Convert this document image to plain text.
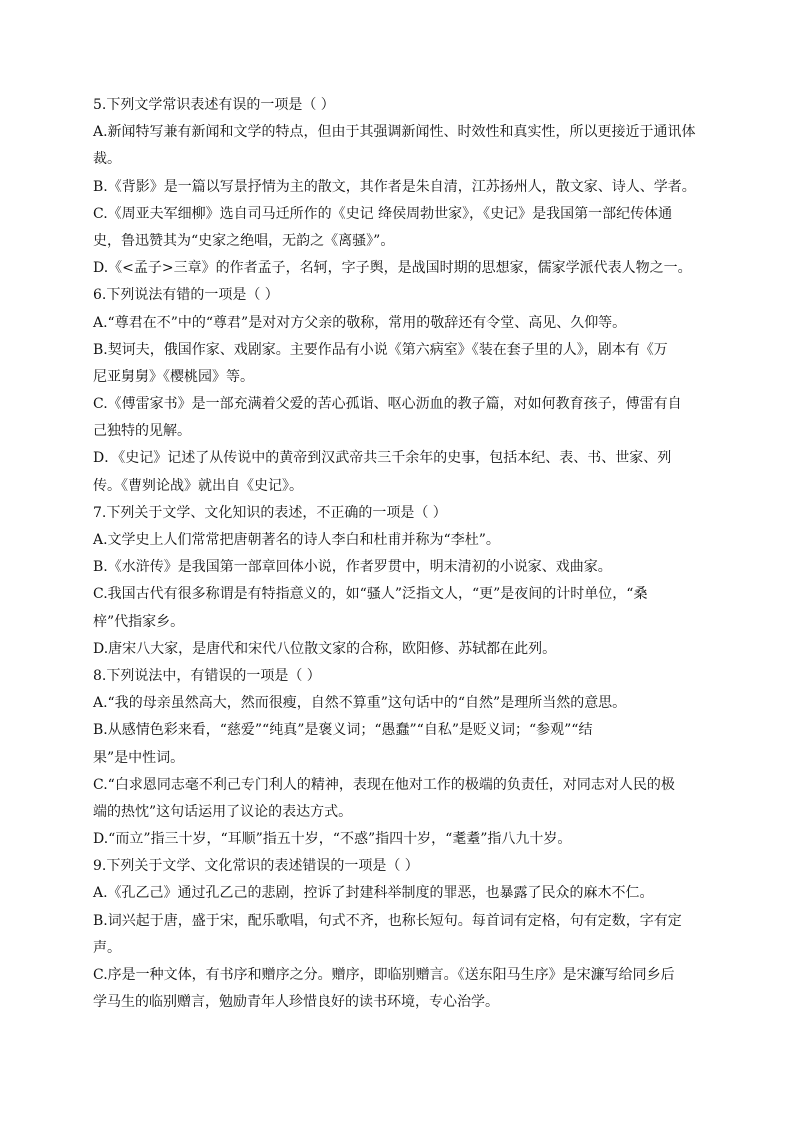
5.下列文学常识表述有误的一项是（ ）
A.新闻特写兼有新闻和文学的特点，但由于其强调新闻性、时效性和真实性，所以更接近于通讯体
裁。
B.《背影》是一篇以写景抒情为主的散文，其作者是朱自清，江苏扬州人，散文家、诗人、学者。
C.《周亚夫军细柳》选自司马迁所作的《史记 绛侯周勃世家》，《史记》是我国第一部纪传体通
史，鲁迅赞其为“史家之绝唱，无韵之《离骚》”。
D.《<孟子>三章》的作者孟子，名轲，字子舆，是战国时期的思想家，儒家学派代表人物之一。
6.下列说法有错的一项是（ ）
A.“尊君在不”中的“尊君”是对对方父亲的敬称，常用的敬辞还有令堂、高见、久仰等。
B.契诃夫，俄国作家、戏剧家。主要作品有小说《第六病室》《装在套子里的人》，剧本有《万
尼亚舅舅》《樱桃园》等。
C.《傅雷家书》是一部充满着父爱的苦心孤诣、呕心沥血的教子篇，对如何教育孩子，傅雷有自
己独特的见解。
D．《史记》记述了从传说中的黄帝到汉武帝共三千余年的史事，包括本纪、表、书、世家、列
传。《曹刿论战》就出自《史记》。
7.下列关于文学、文化知识的表述，不正确的一项是（ ）
A.文学史上人们常常把唐朝著名的诗人李白和杜甫并称为“李杜”。
B.《水浒传》是我国第一部章回体小说，作者罗贯中，明末清初的小说家、戏曲家。
C.我国古代有很多称谓是有特指意义的，如“骚人”泛指文人，“更”是夜间的计时单位，“桑
梓”代指家乡。
D.唐宋八大家，是唐代和宋代八位散文家的合称，欧阳修、苏轼都在此列。
8.下列说法中，有错误的一项是（ ）
A.“我的母亲虽然高大，然而很瘦，自然不算重”这句话中的“自然”是理所当然的意思。
B.从感情色彩来看，“慈爱”“纯真”是褒义词；“愚蠢”“自私”是贬义词；“参观”“结
果”是中性词。
C.“白求恩同志毫不利己专门利人的精神，表现在他对工作的极端的负责任，对同志对人民的极
端的热忱”这句话运用了议论的表达方式。
D.“而立”指三十岁，“耳顺”指五十岁，“不惑”指四十岁，“耄耋”指八九十岁。
9.下列关于文学、文化常识的表述错误的一项是（ ）
A.《孔乙己》通过孔乙己的悲剧，控诉了封建科举制度的罪恶，也暴露了民众的麻木不仁。
B.词兴起于唐，盛于宋，配乐歌唱，句式不齐，也称长短句。每首词有定格，句有定数，字有定
声。
C.序是一种文体，有书序和赠序之分。赠序，即临别赠言。《送东阳马生序》是宋濂写给同乡后
学马生的临别赠言，勉励青年人珍惜良好的读书环境，专心治学。
